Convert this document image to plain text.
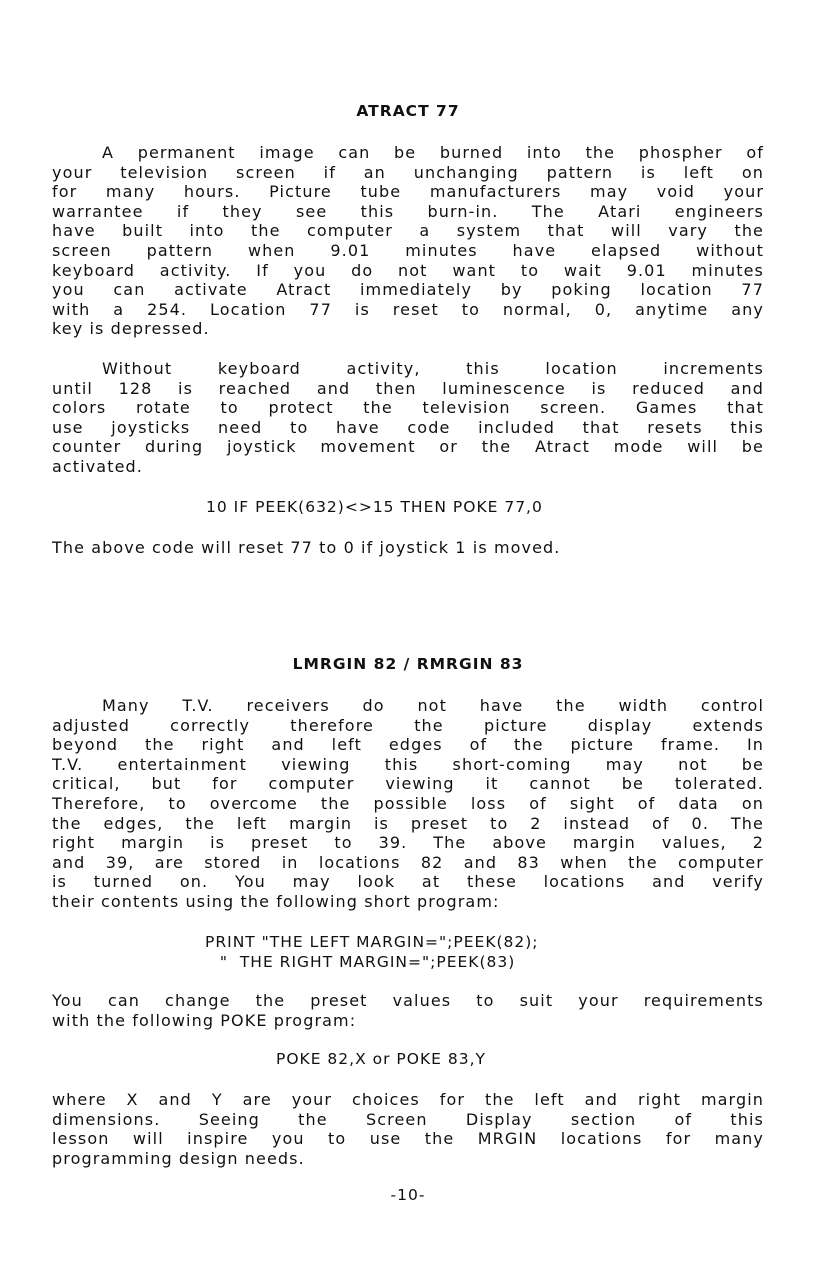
ATRACT 77
A permanent image can be burned into the phospher of
your television screen if an unchanging pattern is left on
for many hours. Picture tube manufacturers may void your
warrantee if they see this burn-in. The Atari engineers
have built into the computer a system that will vary the
screen pattern when 9.01 minutes have elapsed without
keyboard activity. If you do not want to wait 9.01 minutes
you can activate Atract immediately by poking location 77
with a 254. Location 77 is reset to normal, 0, anytime any
key is depressed.
Without keyboard activity, this location increments
until 128 is reached and then luminescence is reduced and
colors rotate to protect the television screen. Games that
use joysticks need to have code included that resets this
counter during joystick movement or the Atract mode will be
activated.
10 IF PEEK(632)<>15 THEN POKE 77,0
The above code will reset 77 to 0 if joystick 1 is moved.
LMRGIN 82 / RMRGIN 83
Many T.V. receivers do not have the width control
adjusted correctly therefore the picture display extends
beyond the right and left edges of the picture frame. In
T.V. entertainment viewing this short-coming may not be
critical, but for computer viewing it cannot be tolerated.
Therefore, to overcome the possible loss of sight of data on
the edges, the left margin is preset to 2 instead of 0. The
right margin is preset to 39. The above margin values, 2
and 39, are stored in locations 82 and 83 when the computer
is turned on. You may look at these locations and verify
their contents using the following short program:
PRINT "THE LEFT MARGIN=";PEEK(82);
"  THE RIGHT MARGIN=";PEEK(83)
You can change the preset values to suit your requirements
with the following POKE program:
POKE 82,X or POKE 83,Y
where X and Y are your choices for the left and right margin
dimensions. Seeing the Screen Display section of this
lesson will inspire you to use the MRGIN locations for many
programming design needs.
-10-
